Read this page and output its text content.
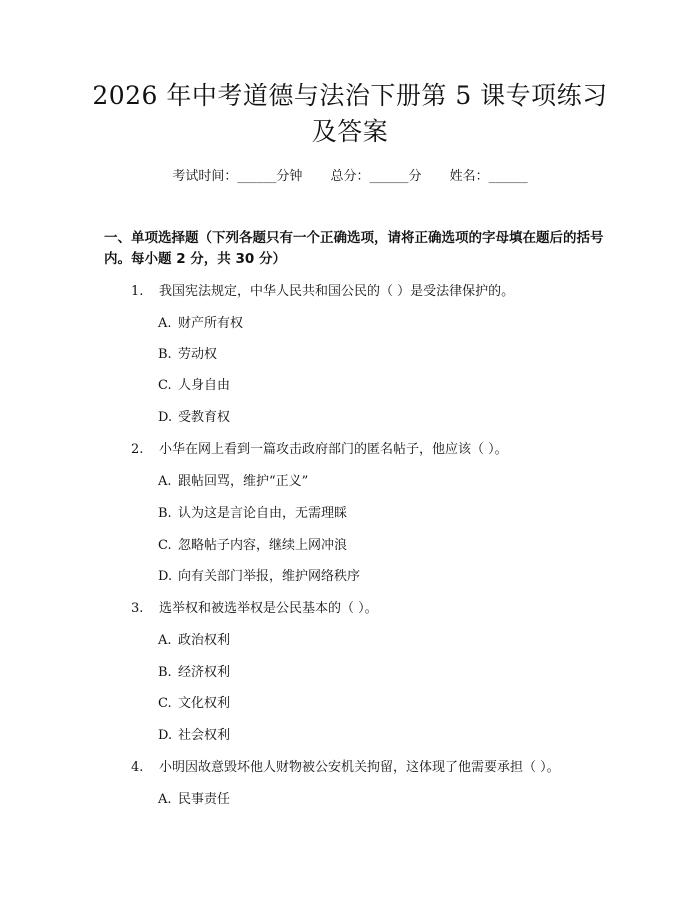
2026 年中考道德与法治下册第 5 课专项练习
及答案
考试时间：______分钟 总分：______分 姓名：______
一、单项选择题（下列各题只有一个正确选项，请将正确选项的字母填在题后的括号内。每小题 2 分，共 30 分）
1. 我国宪法规定，中华人民共和国公民的（ ）是受法律保护的。
A. 财产所有权
B. 劳动权
C. 人身自由
D. 受教育权
2. 小华在网上看到一篇攻击政府部门的匿名帖子，他应该（ ）。
A. 跟帖回骂，维护“正义”
B. 认为这是言论自由，无需理睬
C. 忽略帖子内容，继续上网冲浪
D. 向有关部门举报，维护网络秩序
3. 选举权和被选举权是公民基本的（ ）。
A. 政治权利
B. 经济权利
C. 文化权利
D. 社会权利
4. 小明因故意毁坏他人财物被公安机关拘留，这体现了他需要承担（ ）。
A. 民事责任
